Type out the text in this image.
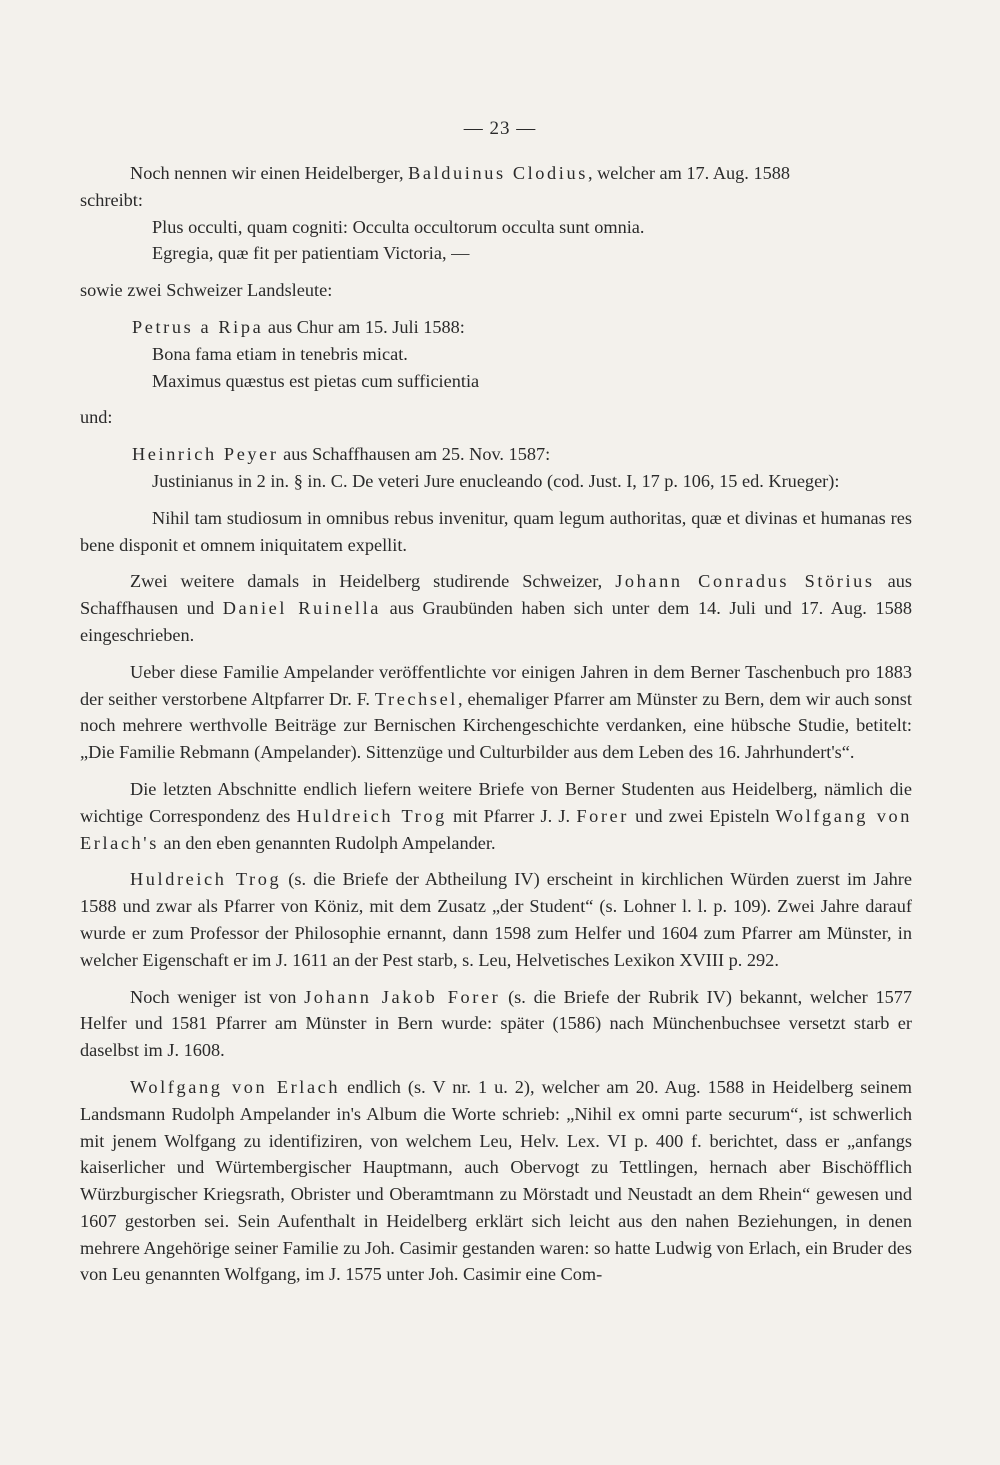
— 23 —

Noch nennen wir einen Heidelberger, Balduinus Clodius, welcher am 17. Aug. 1588

schreibt:

Plus occulti, quam cogniti: Occulta occultorum occulta sunt omnia.

Egregia, quæ fit per patientiam Victoria, —

sowie zwei Schweizer Landsleute:

Petrus a Ripa aus Chur am 15. Juli 1588:

Bona fama etiam in tenebris micat.

Maximus quæstus est pietas cum sufficientia

und:

Heinrich Peyer aus Schaffhausen am 25. Nov. 1587:

Justinianus in 2 in. § in. C. De veteri Jure enucleando (cod. Just. I, 17 p. 106, 15 ed. Krueger):

Nihil tam studiosum in omnibus rebus invenitur, quam legum authoritas, quæ et divinas et humanas res bene disponit et omnem iniquitatem expellit.

Zwei weitere damals in Heidelberg studirende Schweizer, Johann Conradus Störius aus Schaffhausen und Daniel Ruinella aus Graubünden haben sich unter dem 14. Juli und 17. Aug. 1588 eingeschrieben.

Ueber diese Familie Ampelander veröffentlichte vor einigen Jahren in dem Berner Taschenbuch pro 1883 der seither verstorbene Altpfarrer Dr. F. Trechsel, ehemaliger Pfarrer am Münster zu Bern, dem wir auch sonst noch mehrere werthvolle Beiträge zur Bernischen Kirchengeschichte verdanken, eine hübsche Studie, betitelt: „Die Familie Rebmann (Ampelander). Sittenzüge und Culturbilder aus dem Leben des 16. Jahrhundert's“.

Die letzten Abschnitte endlich liefern weitere Briefe von Berner Studenten aus Heidelberg, nämlich die wichtige Correspondenz des Huldreich Trog mit Pfarrer J. J. Forer und zwei Episteln Wolfgang von Erlach's an den eben genannten Rudolph Ampelander.

Huldreich Trog (s. die Briefe der Abtheilung IV) erscheint in kirchlichen Würden zuerst im Jahre 1588 und zwar als Pfarrer von Köniz, mit dem Zusatz „der Student“ (s. Lohner l. l. p. 109). Zwei Jahre darauf wurde er zum Professor der Philosophie ernannt, dann 1598 zum Helfer und 1604 zum Pfarrer am Münster, in welcher Eigenschaft er im J. 1611 an der Pest starb, s. Leu, Helvetisches Lexikon XVIII p. 292.

Noch weniger ist von Johann Jakob Forer (s. die Briefe der Rubrik IV) bekannt, welcher 1577 Helfer und 1581 Pfarrer am Münster in Bern wurde: später (1586) nach Münchenbuchsee versetzt starb er daselbst im J. 1608.

Wolfgang von Erlach endlich (s. V nr. 1 u. 2), welcher am 20. Aug. 1588 in Heidelberg seinem Landsmann Rudolph Ampelander in's Album die Worte schrieb: „Nihil ex omni parte securum“, ist schwerlich mit jenem Wolfgang zu identifiziren, von welchem Leu, Helv. Lex. VI p. 400 f. berichtet, dass er „anfangs kaiserlicher und Würtembergischer Hauptmann, auch Obervogt zu Tettlingen, hernach aber Bischöfflich Würzburgischer Kriegsrath, Obrister und Oberamtmann zu Mörstadt und Neustadt an dem Rhein“ gewesen und 1607 gestorben sei. Sein Aufenthalt in Heidelberg erklärt sich leicht aus den nahen Beziehungen, in denen mehrere Angehörige seiner Familie zu Joh. Casimir gestanden waren: so hatte Ludwig von Erlach, ein Bruder des von Leu genannten Wolfgang, im J. 1575 unter Joh. Casimir eine Com-
